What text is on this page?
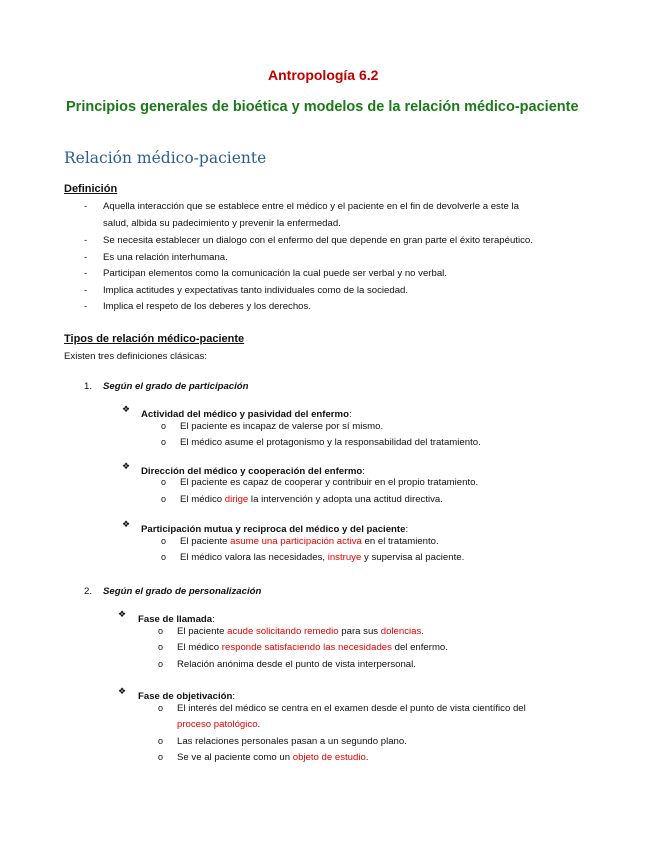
Antropología 6.2
Principios generales de bioética y modelos de la relación médico-paciente
Relación médico-paciente
Definición
- Aquella interacción que se establece entre el médico y el paciente en el fin de devolverle a este la
salud, albida su padecimiento y prevenir la enfermedad.
- Se necesita establecer un dialogo con el enfermo del que depende en gran parte el éxito terapéutico.
- Es una relación interhumana.
- Participan elementos como la comunicación la cual puede ser verbal y no verbal.
- Implica actitudes y expectativas tanto individuales como de la sociedad.
- Implica el respeto de los deberes y los derechos.
Tipos de relación médico-paciente
Existen tres definiciones clásicas:
1. Según el grado de participación
❖ Actividad del médico y pasividad del enfermo:
o El paciente es incapaz de valerse por sí mismo.
o El médico asume el protagonismo y la responsabilidad del tratamiento.
❖ Dirección del médico y cooperación del enfermo:
o El paciente es capaz de cooperar y contribuir en el propio tratamiento.
o El médico dirige la intervención y adopta una actitud directiva.
❖ Participación mutua y reciproca del médico y del paciente:
o El paciente asume una participación activa en el tratamiento.
o El médico valora las necesidades, instruye y supervisa al paciente.
2. Según el grado de personalización
❖ Fase de llamada:
o El paciente acude solicitando remedio para sus dolencias.
o El médico responde satisfaciendo las necesidades del enfermo.
o Relación anónima desde el punto de vista interpersonal.
❖ Fase de objetivación:
o El interés del médico se centra en el examen desde el punto de vista científico del
proceso patológico.
o Las relaciones personales pasan a un segundo plano.
o Se ve al paciente como un objeto de estudio.
